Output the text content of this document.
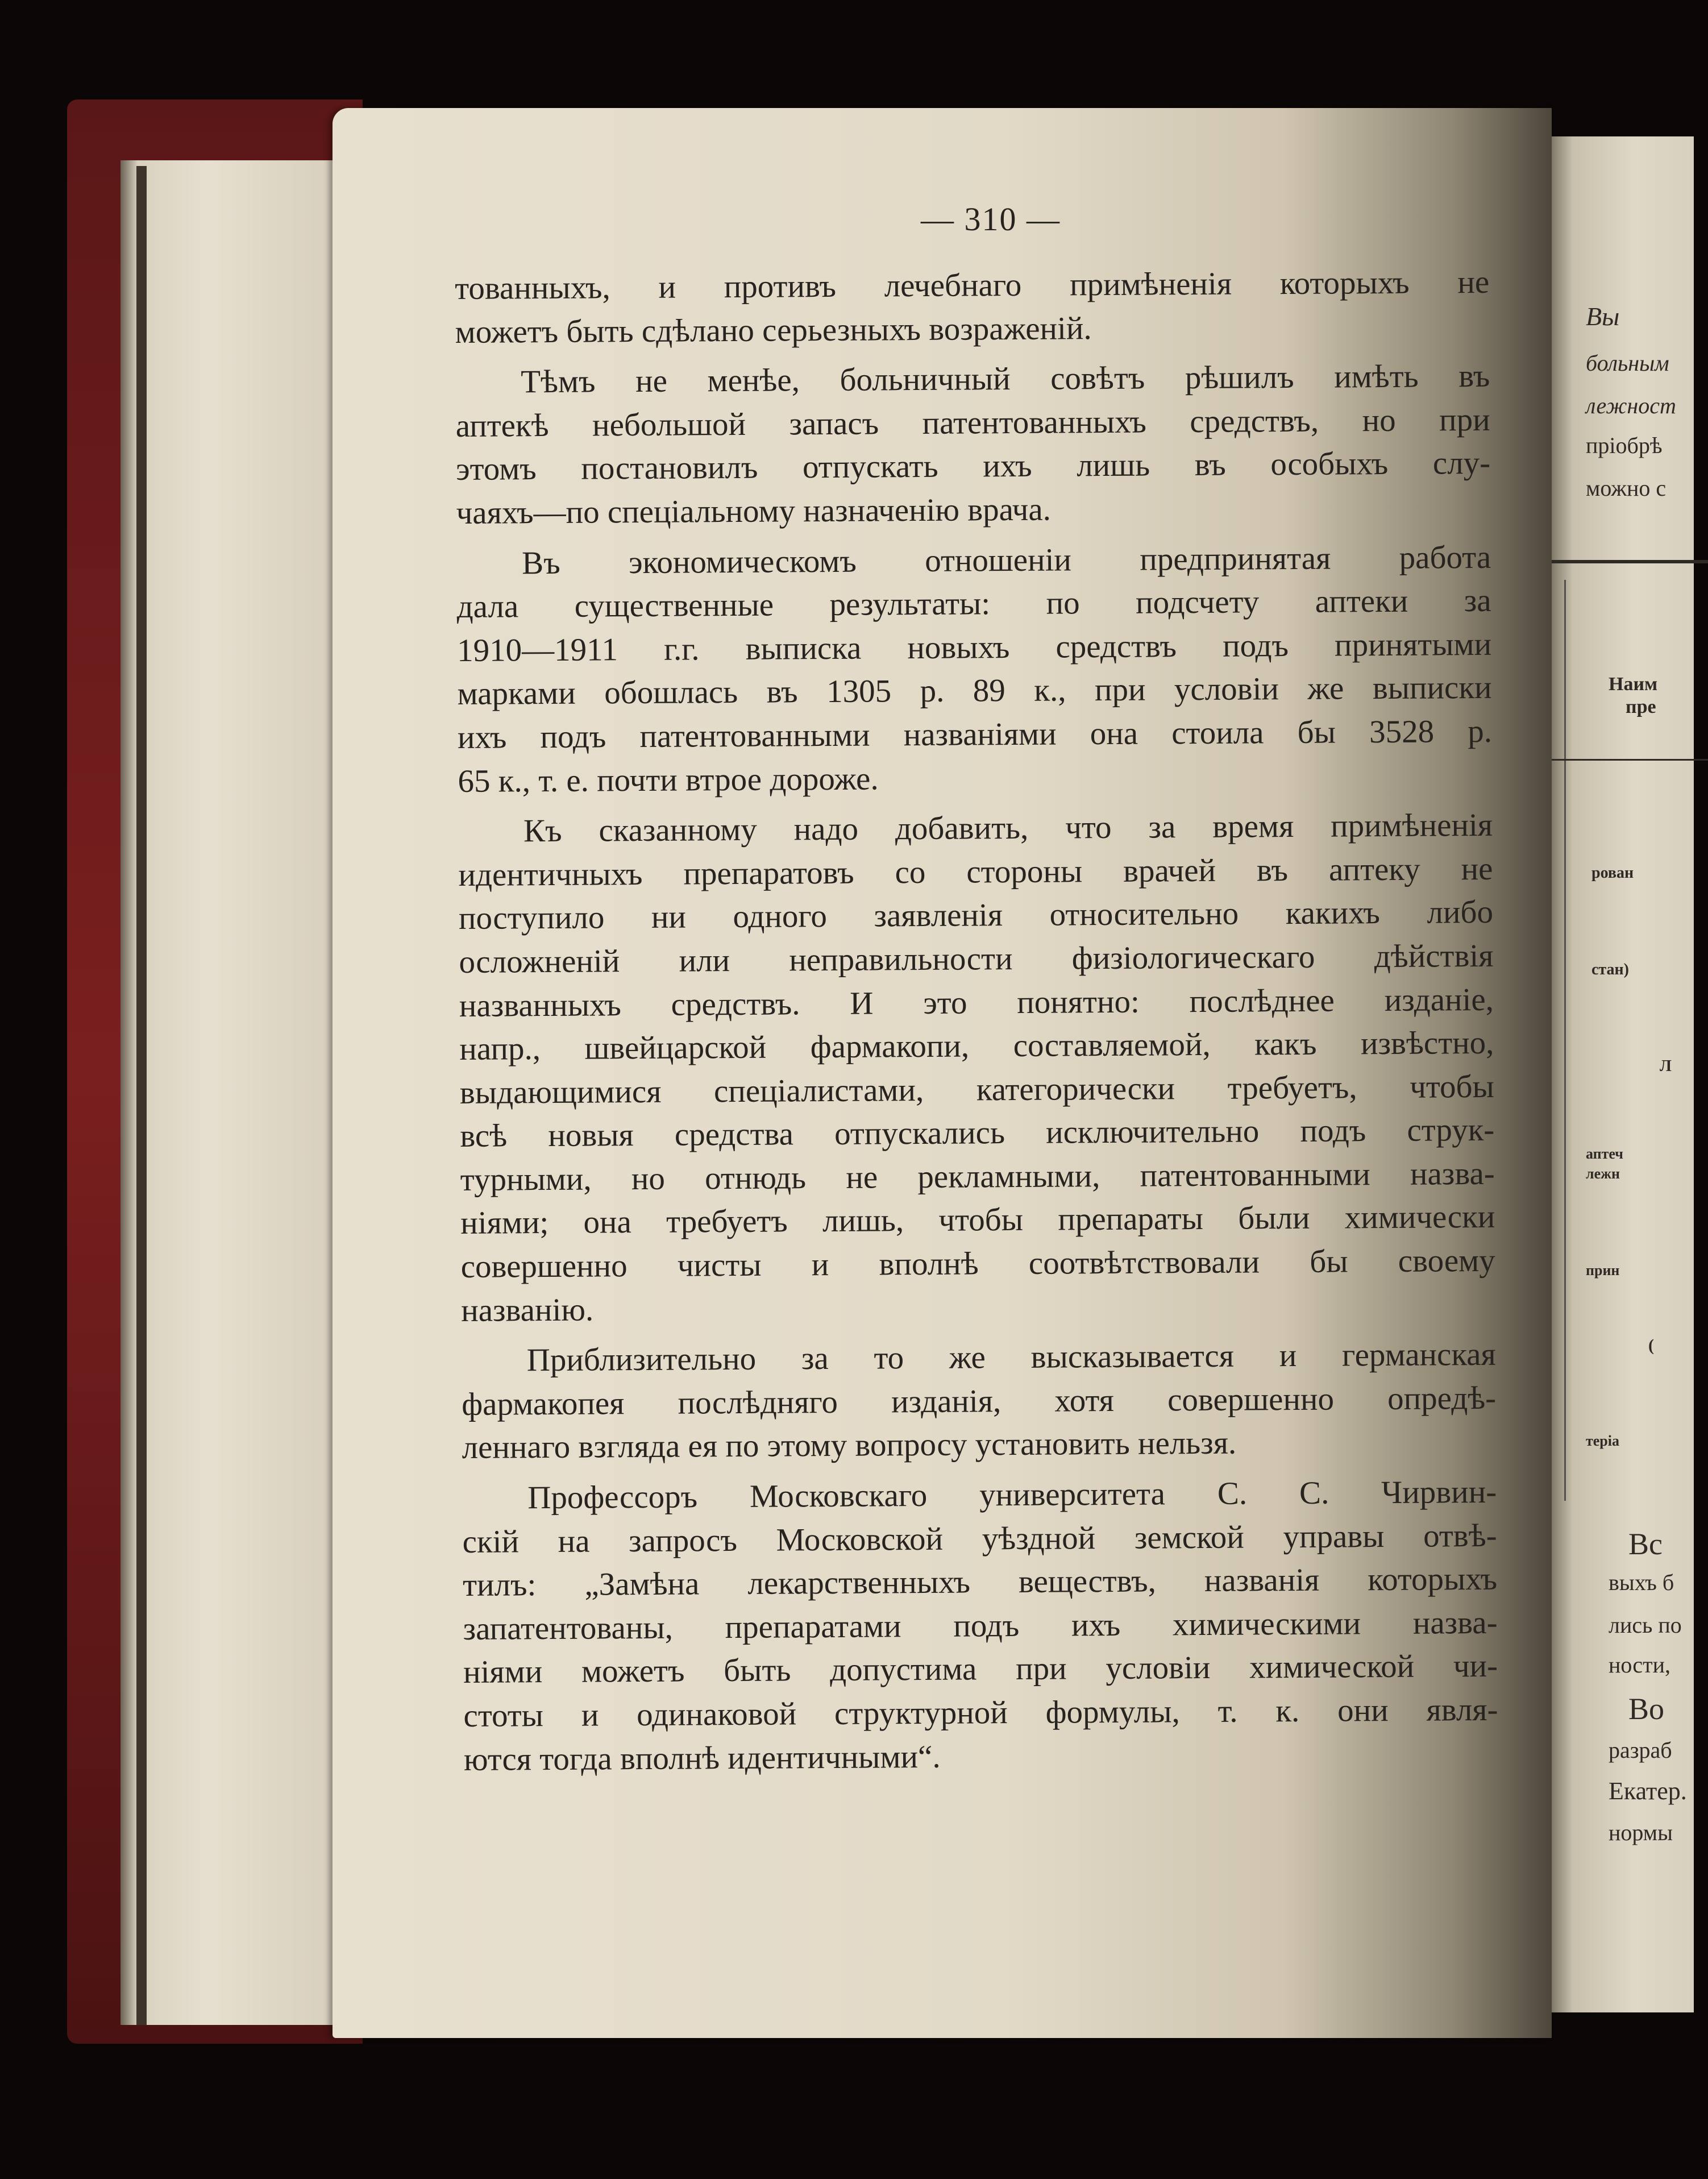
Вы
больным
лежност
пріобрѣ
можно с
Наим
пре
рован
стан)
Л
аптеч
лежн
прин
(
теріа
Вс
выхъ б
лись по
ности,
Во
разраб
Екатер.
нормы
— 310 —
тованныхъ, и противъ лечебнаго примѣненія которыхъ не
можетъ быть сдѣлано серьезныхъ возраженій.
Тѣмъ не менѣе, больничный совѣтъ рѣшилъ имѣть въ
аптекѣ небольшой запасъ патентованныхъ средствъ, но при
этомъ постановилъ отпускать ихъ лишь въ особыхъ слу-
чаяхъ—по спеціальному назначенію врача.
Въ экономическомъ отношеніи предпринятая работа
дала существенные результаты: по подсчету аптеки за
1910—1911 г.г. выписка новыхъ средствъ подъ принятыми
марками обошлась въ 1305 р. 89 к., при условіи же выписки
ихъ подъ патентованными названіями она стоила бы 3528 р.
65 к., т. е. почти втрое дороже.
Къ сказанному надо добавить, что за время примѣненія
идентичныхъ препаратовъ со стороны врачей въ аптеку не
поступило ни одного заявленія относительно какихъ либо
осложненій или неправильности физіологическаго дѣйствія
названныхъ средствъ. И это понятно: послѣднее изданіе,
напр., швейцарской фармакопи, составляемой, какъ извѣстно,
выдающимися спеціалистами, категорически требуетъ, чтобы
всѣ новыя средства отпускались исключительно подъ струк-
турными, но отнюдь не рекламными, патентованными назва-
ніями; она требуетъ лишь, чтобы препараты были химически
совершенно чисты и вполнѣ соотвѣтствовали бы своему
названію.
Приблизительно за то же высказывается и германская
фармакопея послѣдняго изданія, хотя совершенно опредѣ-
леннаго взгляда ея по этому вопросу установить нельзя.
Профессоръ Московскаго университета С. С. Чирвин-
скій на запросъ Московской уѣздной земской управы отвѣ-
тилъ: „Замѣна лекарственныхъ веществъ, названія которыхъ
запатентованы, препаратами подъ ихъ химическими назва-
ніями можетъ быть допустима при условіи химической чи-
стоты и одинаковой структурной формулы, т. к. они явля-
ются тогда вполнѣ идентичными“.
